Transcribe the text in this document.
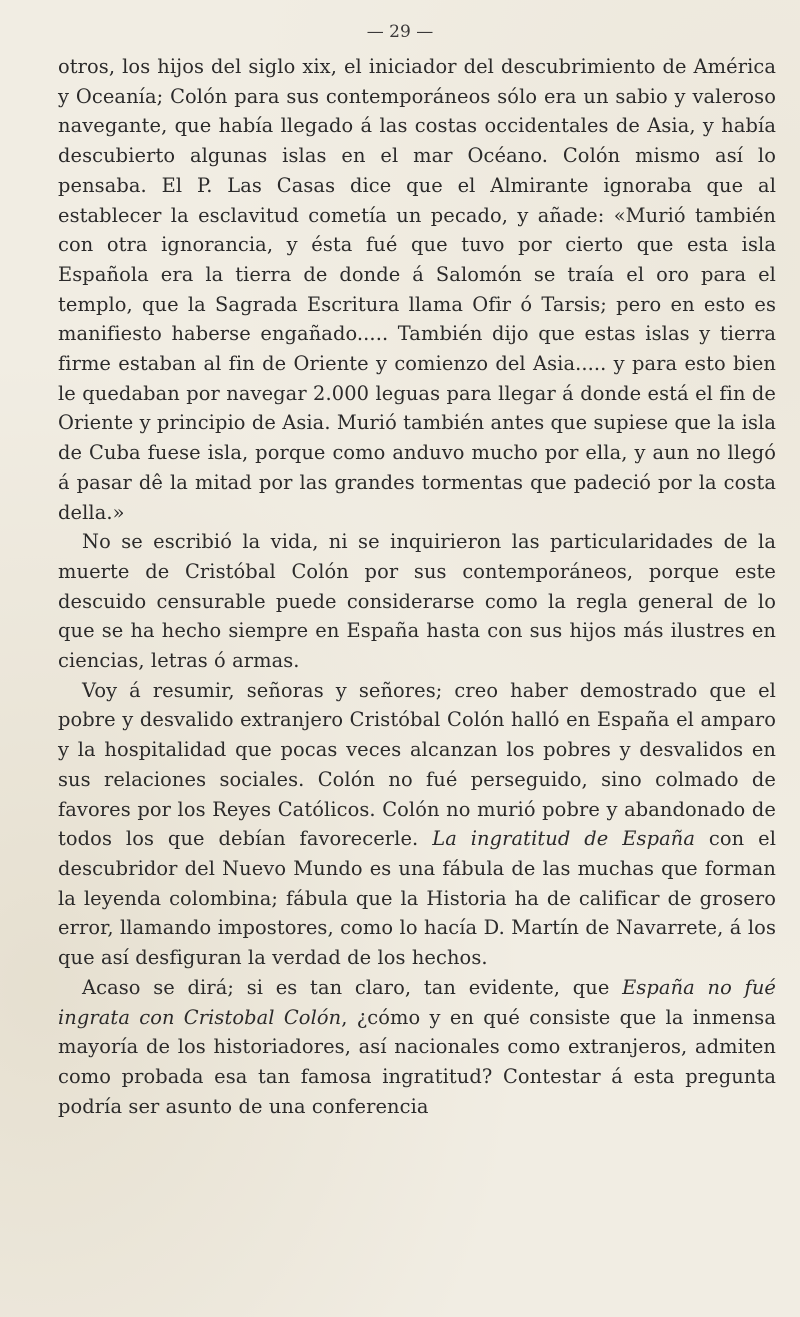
— 29 —

otros, los hijos del siglo xix, el iniciador del descubrimiento de América y Oceanía; Colón para sus contemporáneos sólo era un sabio y valeroso navegante, que había llegado á las costas occidentales de Asia, y había descubierto algunas islas en el mar Océano. Colón mismo así lo pensaba. El P. Las Casas dice que el Almirante ignoraba que al establecer la esclavitud cometía un pecado, y añade: «Murió también con otra ignorancia, y ésta fué que tuvo por cierto que esta isla Española era la tierra de donde á Salomón se traía el oro para el templo, que la Sagrada Escritura llama Ofir ó Tarsis; pero en esto es manifiesto haberse engañado..... También dijo que estas islas y tierra firme estaban al fin de Oriente y comienzo del Asia..... y para esto bien le quedaban por navegar 2.000 leguas para llegar á donde está el fin de Oriente y principio de Asia. Murió también antes que supiese que la isla de Cuba fuese isla, porque como anduvo mucho por ella, y aun no llegó á pasar dê la mitad por las grandes tormentas que padeció por la costa della.»

No se escribió la vida, ni se inquirieron las particularidades de la muerte de Cristóbal Colón por sus contemporáneos, porque este descuido censurable puede considerarse como la regla general de lo que se ha hecho siempre en España hasta con sus hijos más ilustres en ciencias, letras ó armas.

Voy á resumir, señoras y señores; creo haber demostrado que el pobre y desvalido extranjero Cristóbal Colón halló en España el amparo y la hospitalidad que pocas veces alcanzan los pobres y desvalidos en sus relaciones sociales. Colón no fué perseguido, sino colmado de favores por los Reyes Católicos. Colón no murió pobre y abandonado de todos los que debían favorecerle. La ingratitud de España con el descubridor del Nuevo Mundo es una fábula de las muchas que forman la leyenda colombina; fábula que la Historia ha de calificar de grosero error, llamando impostores, como lo hacía D. Martín de Navarrete, á los que así desfiguran la verdad de los hechos.

Acaso se dirá; si es tan claro, tan evidente, que España no fué ingrata con Cristobal Colón, ¿cómo y en qué consiste que la inmensa mayoría de los historiadores, así nacionales como extranjeros, admiten como probada esa tan famosa ingratitud? Contestar á esta pregunta podría ser asunto de una conferencia
